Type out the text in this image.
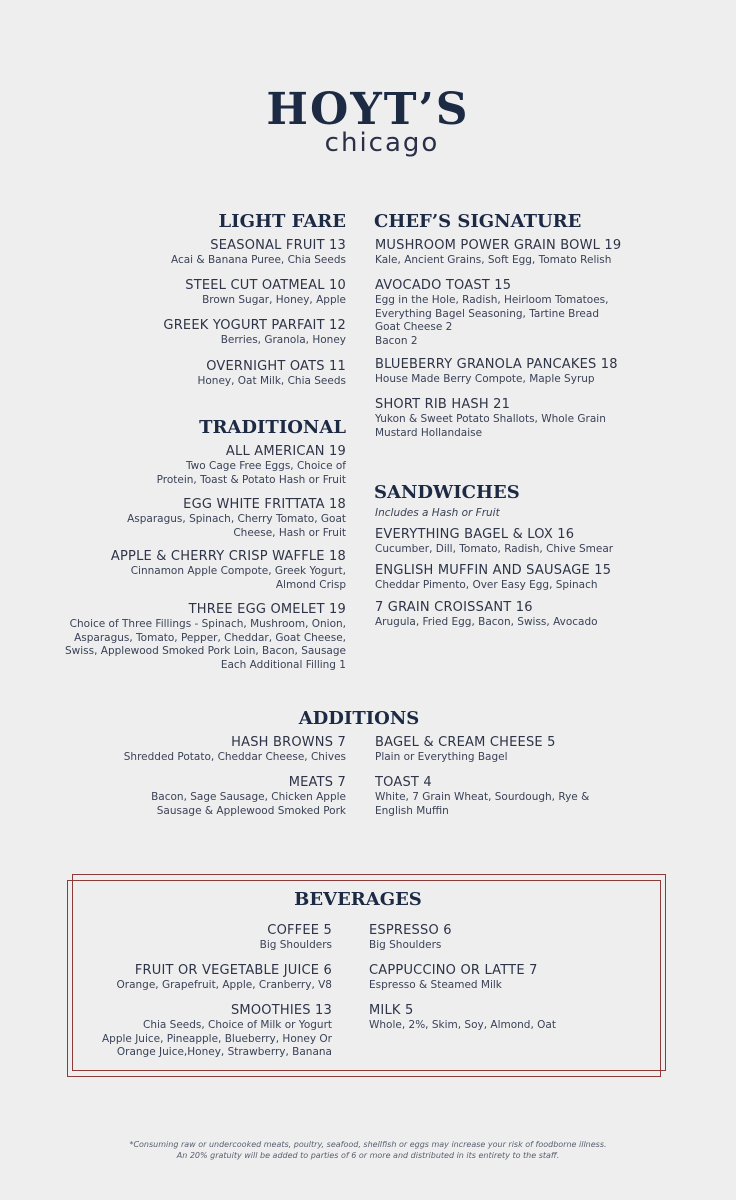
HOYT’S
chicago
LIGHT FARE
SEASONAL FRUIT 13
Acai & Banana Puree, Chia Seeds
STEEL CUT OATMEAL 10
Brown Sugar, Honey, Apple
GREEK YOGURT PARFAIT 12
Berries, Granola, Honey
OVERNIGHT OATS 11
Honey, Oat Milk, Chia Seeds
TRADITIONAL
ALL AMERICAN 19
Two Cage Free Eggs, Choice of
Protein, Toast & Potato Hash or Fruit
EGG WHITE FRITTATA 18
Asparagus, Spinach, Cherry Tomato, Goat
Cheese, Hash or Fruit
APPLE & CHERRY CRISP WAFFLE 18
Cinnamon Apple Compote, Greek Yogurt,
Almond Crisp
THREE EGG OMELET 19
Choice of Three Fillings - Spinach, Mushroom, Onion,
Asparagus, Tomato, Pepper, Cheddar, Goat Cheese,
Swiss, Applewood Smoked Pork Loin, Bacon, Sausage
Each Additional Filling 1
CHEF’S SIGNATURE
MUSHROOM POWER GRAIN BOWL 19
Kale, Ancient Grains, Soft Egg, Tomato Relish
AVOCADO TOAST 15
Egg in the Hole, Radish, Heirloom Tomatoes,
Everything Bagel Seasoning, Tartine Bread
Goat Cheese 2
Bacon 2
BLUEBERRY GRANOLA PANCAKES 18
House Made Berry Compote, Maple Syrup
SHORT RIB HASH 21
Yukon & Sweet Potato Shallots, Whole Grain
Mustard Hollandaise
SANDWICHES
Includes a Hash or Fruit
EVERYTHING BAGEL & LOX 16
Cucumber, Dill, Tomato, Radish, Chive Smear
ENGLISH MUFFIN AND SAUSAGE 15
Cheddar Pimento, Over Easy Egg, Spinach
7 GRAIN CROISSANT 16
Arugula, Fried Egg, Bacon, Swiss, Avocado
ADDITIONS
HASH BROWNS 7
Shredded Potato, Cheddar Cheese, Chives
MEATS 7
Bacon, Sage Sausage, Chicken Apple
Sausage & Applewood Smoked Pork
BAGEL & CREAM CHEESE 5
Plain or Everything Bagel
TOAST 4
White, 7 Grain Wheat, Sourdough, Rye &
English Muffin
BEVERAGES
COFFEE 5
Big Shoulders
FRUIT OR VEGETABLE JUICE 6
Orange, Grapefruit, Apple, Cranberry, V8
SMOOTHIES 13
Chia Seeds, Choice of Milk or Yogurt
Apple Juice, Pineapple, Blueberry, Honey Or
Orange Juice,Honey, Strawberry, Banana
ESPRESSO 6
Big Shoulders
CAPPUCCINO OR LATTE 7
Espresso & Steamed Milk
MILK 5
Whole, 2%, Skim, Soy, Almond, Oat
*Consuming raw or undercooked meats, poultry, seafood, shellfish or eggs may increase your risk of foodborne illness.
An 20% gratuity will be added to parties of 6 or more and distributed in its entirety to the staff.
